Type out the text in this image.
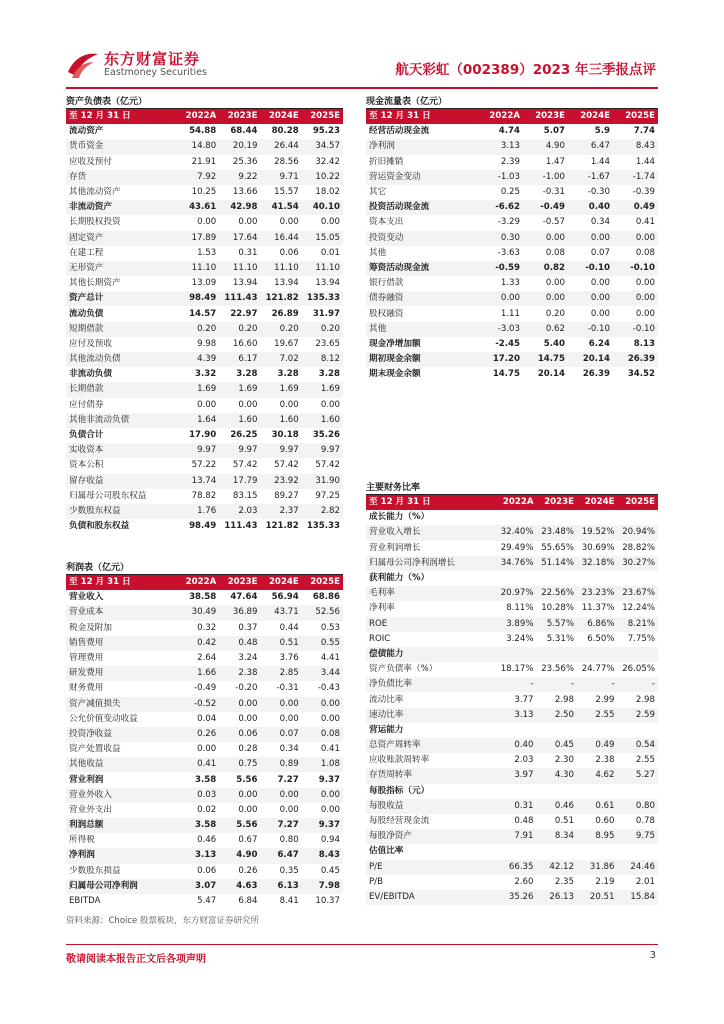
东方财富证券
Eastmoney Securities	航天彩虹（002389）2023 年三季报点评
资产负债表（亿元）
至 12 月 31 日	2022A	2023E	2024E	2025E
流动资产	54.88	68.44	80.28	95.23
货币资金	14.80	20.19	26.44	34.57
应收及预付	21.91	25.36	28.56	32.42
存货	7.92	9.22	9.71	10.22
其他流动资产	10.25	13.66	15.57	18.02
非流动资产	43.61	42.98	41.54	40.10
长期股权投资	0.00	0.00	0.00	0.00
固定资产	17.89	17.64	16.44	15.05
在建工程	1.53	0.31	0.06	0.01
无形资产	11.10	11.10	11.10	11.10
其他长期资产	13.09	13.94	13.94	13.94
资产总计	98.49	111.43	121.82	135.33
流动负债	14.57	22.97	26.89	31.97
短期借款	0.20	0.20	0.20	0.20
应付及预收	9.98	16.60	19.67	23.65
其他流动负债	4.39	6.17	7.02	8.12
非流动负债	3.32	3.28	3.28	3.28
长期借款	1.69	1.69	1.69	1.69
应付债券	0.00	0.00	0.00	0.00
其他非流动负债	1.64	1.60	1.60	1.60
负债合计	17.90	26.25	30.18	35.26
实收资本	9.97	9.97	9.97	9.97
资本公积	57.22	57.42	57.42	57.42
留存收益	13.74	17.79	23.92	31.90
归属母公司股东权益	78.82	83.15	89.27	97.25
少数股东权益	1.76	2.03	2.37	2.82
负债和股东权益	98.49	111.43	121.82	135.33
现金流量表（亿元）
至 12 月 31 日	2022A	2023E	2024E	2025E
经营活动现金流	4.74	5.07	5.9	7.74
净利润	3.13	4.90	6.47	8.43
折旧摊销	2.39	1.47	1.44	1.44
营运资金变动	-1.03	-1.00	-1.67	-1.74
其它	0.25	-0.31	-0.30	-0.39
投资活动现金流	-6.62	-0.49	0.40	0.49
资本支出	-3.29	-0.57	0.34	0.41
投资变动	0.30	0.00	0.00	0.00
其他	-3.63	0.08	0.07	0.08
筹资活动现金流	-0.59	0.82	-0.10	-0.10
银行借款	1.33	0.00	0.00	0.00
债券融资	0.00	0.00	0.00	0.00
股权融资	1.11	0.20	0.00	0.00
其他	-3.03	0.62	-0.10	-0.10
现金净增加额	-2.45	5.40	6.24	8.13
期初现金余额	17.20	14.75	20.14	26.39
期末现金余额	14.75	20.14	26.39	34.52
利润表（亿元）
至 12 月 31 日	2022A	2023E	2024E	2025E
营业收入	38.58	47.64	56.94	68.86
营业成本	30.49	36.89	43.71	52.56
税金及附加	0.32	0.37	0.44	0.53
销售费用	0.42	0.48	0.51	0.55
管理费用	2.64	3.24	3.76	4.41
研发费用	1.66	2.38	2.85	3.44
财务费用	-0.49	-0.20	-0.31	-0.43
资产减值损失	-0.52	0.00	0.00	0.00
公允价值变动收益	0.04	0.00	0.00	0.00
投资净收益	0.26	0.06	0.07	0.08
资产处置收益	0.00	0.28	0.34	0.41
其他收益	0.41	0.75	0.89	1.08
营业利润	3.58	5.56	7.27	9.37
营业外收入	0.03	0.00	0.00	0.00
营业外支出	0.02	0.00	0.00	0.00
利润总额	3.58	5.56	7.27	9.37
所得税	0.46	0.67	0.80	0.94
净利润	3.13	4.90	6.47	8.43
少数股东损益	0.06	0.26	0.35	0.45
归属母公司净利润	3.07	4.63	6.13	7.98
EBITDA	5.47	6.84	8.41	10.37
主要财务比率
至 12 月 31 日	2022A	2023E	2024E	2025E
成长能力（%）				
营业收入增长	32.40%	23.48%	19.52%	20.94%
营业利润增长	29.49%	55.65%	30.69%	28.82%
归属母公司净利润增长	34.76%	51.14%	32.18%	30.27%
获利能力（%）				
毛利率	20.97%	22.56%	23.23%	23.67%
净利率	8.11%	10.28%	11.37%	12.24%
ROE	3.89%	5.57%	6.86%	8.21%
ROIC	3.24%	5.31%	6.50%	7.75%
偿债能力				
资产负债率（%）	18.17%	23.56%	24.77%	26.05%
净负债比率	-	-	-	-
流动比率	3.77	2.98	2.99	2.98
速动比率	3.13	2.50	2.55	2.59
营运能力				
总资产周转率	0.40	0.45	0.49	0.54
应收账款周转率	2.03	2.30	2.38	2.55
存货周转率	3.97	4.30	4.62	5.27
每股指标（元）				
每股收益	0.31	0.46	0.61	0.80
每股经营现金流	0.48	0.51	0.60	0.78
每股净资产	7.91	8.34	8.95	9.75
估值比率				
P/E	66.35	42.12	31.86	24.46
P/B	2.60	2.35	2.19	2.01
EV/EBITDA	35.26	26.13	20.51	15.84
资料来源：Choice 股票板块，东方财富证券研究所
敬请阅读本报告正文后各项声明	3
